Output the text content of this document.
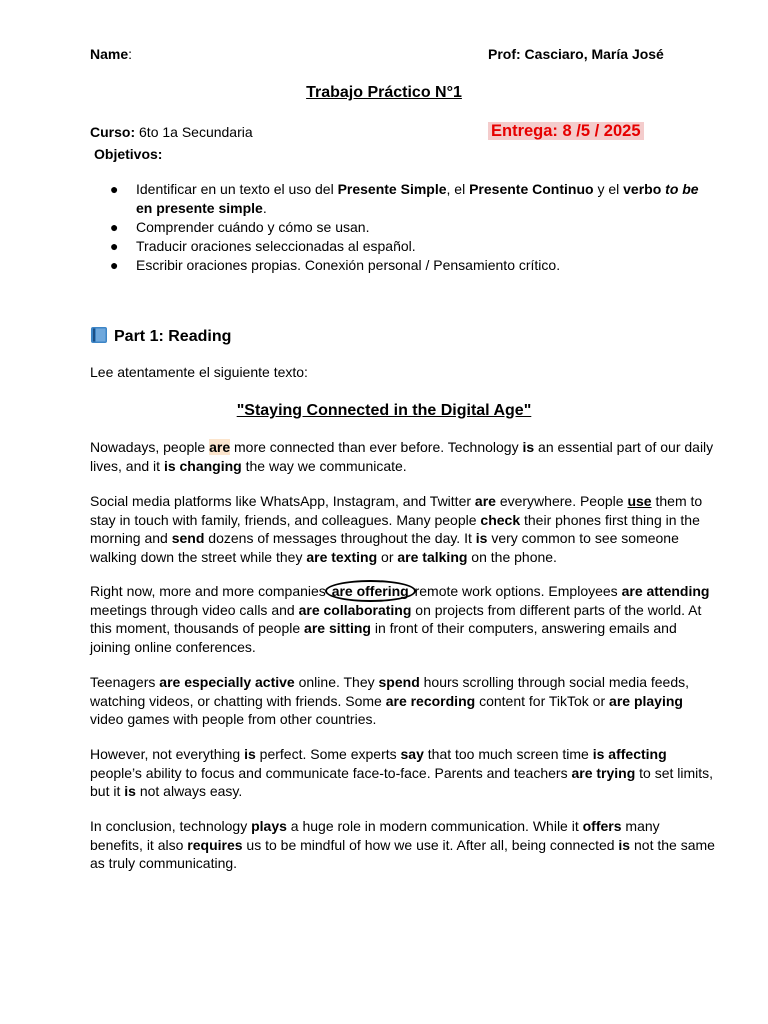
Name:	Prof: Casciaro, María José
Trabajo Práctico N°1
Curso: 6to 1a Secundaria	Entrega: 8 /5 / 2025
Objetivos:
● Identificar en un texto el uso del Presente Simple, el Presente Continuo y el verbo to be en presente simple.
● Comprender cuándo y cómo se usan.
● Traducir oraciones seleccionadas al español.
● Escribir oraciones propias. Conexión personal / Pensamiento crítico.
Part 1: Reading
Lee atentamente el siguiente texto:
"Staying Connected in the Digital Age"
Nowadays, people are more connected than ever before. Technology is an essential part of our daily lives, and it is changing the way we communicate.
Social media platforms like WhatsApp, Instagram, and Twitter are everywhere. People use them to stay in touch with family, friends, and colleagues. Many people check their phones first thing in the morning and send dozens of messages throughout the day. It is very common to see someone walking down the street while they are texting or are talking on the phone.
Right now, more and more companies are offering remote work options. Employees are attending meetings through video calls and are collaborating on projects from different parts of the world. At this moment, thousands of people are sitting in front of their computers, answering emails and joining online conferences.
Teenagers are especially active online. They spend hours scrolling through social media feeds, watching videos, or chatting with friends. Some are recording content for TikTok or are playing video games with people from other countries.
However, not everything is perfect. Some experts say that too much screen time is affecting people’s ability to focus and communicate face-to-face. Parents and teachers are trying to set limits, but it is not always easy.
In conclusion, technology plays a huge role in modern communication. While it offers many benefits, it also requires us to be mindful of how we use it. After all, being connected is not the same as truly communicating.
